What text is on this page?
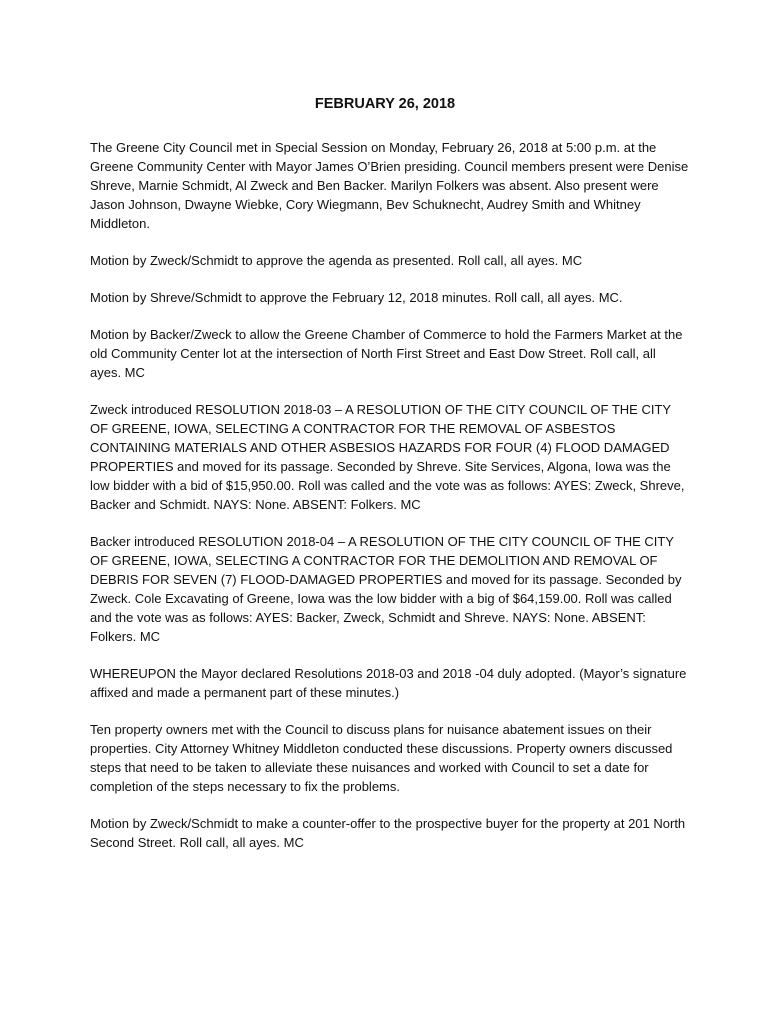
FEBRUARY 26, 2018

The Greene City Council met in Special Session on Monday, February 26, 2018 at 5:00 p.m. at the Greene Community Center with Mayor James O’Brien presiding. Council members present were Denise Shreve, Marnie Schmidt, Al Zweck and Ben Backer. Marilyn Folkers was absent. Also present were Jason Johnson, Dwayne Wiebke, Cory Wiegmann, Bev Schuknecht, Audrey Smith and Whitney Middleton.

Motion by Zweck/Schmidt to approve the agenda as presented. Roll call, all ayes. MC

Motion by Shreve/Schmidt to approve the February 12, 2018 minutes. Roll call, all ayes. MC.

Motion by Backer/Zweck to allow the Greene Chamber of Commerce to hold the Farmers Market at the old Community Center lot at the intersection of North First Street and East Dow Street. Roll call, all ayes. MC

Zweck introduced RESOLUTION 2018-03 – A RESOLUTION OF THE CITY COUNCIL OF THE CITY OF GREENE, IOWA, SELECTING A CONTRACTOR FOR THE REMOVAL OF ASBESTOS CONTAINING MATERIALS AND OTHER ASBESIOS HAZARDS FOR FOUR (4) FLOOD DAMAGED PROPERTIES and moved for its passage. Seconded by Shreve. Site Services, Algona, Iowa was the low bidder with a bid of $15,950.00. Roll was called and the vote was as follows: AYES: Zweck, Shreve, Backer and Schmidt. NAYS: None. ABSENT: Folkers. MC

Backer introduced RESOLUTION 2018-04 – A RESOLUTION OF THE CITY COUNCIL OF THE CITY OF GREENE, IOWA, SELECTING A CONTRACTOR FOR THE DEMOLITION AND REMOVAL OF DEBRIS FOR SEVEN (7) FLOOD-DAMAGED PROPERTIES and moved for its passage. Seconded by Zweck. Cole Excavating of Greene, Iowa was the low bidder with a big of $64,159.00. Roll was called and the vote was as follows: AYES: Backer, Zweck, Schmidt and Shreve. NAYS: None. ABSENT: Folkers. MC

WHEREUPON the Mayor declared Resolutions 2018-03 and 2018 -04 duly adopted. (Mayor’s signature affixed and made a permanent part of these minutes.)

Ten property owners met with the Council to discuss plans for nuisance abatement issues on their properties. City Attorney Whitney Middleton conducted these discussions. Property owners discussed steps that need to be taken to alleviate these nuisances and worked with Council to set a date for completion of the steps necessary to fix the problems.

Motion by Zweck/Schmidt to make a counter-offer to the prospective buyer for the property at 201 North Second Street. Roll call, all ayes. MC
